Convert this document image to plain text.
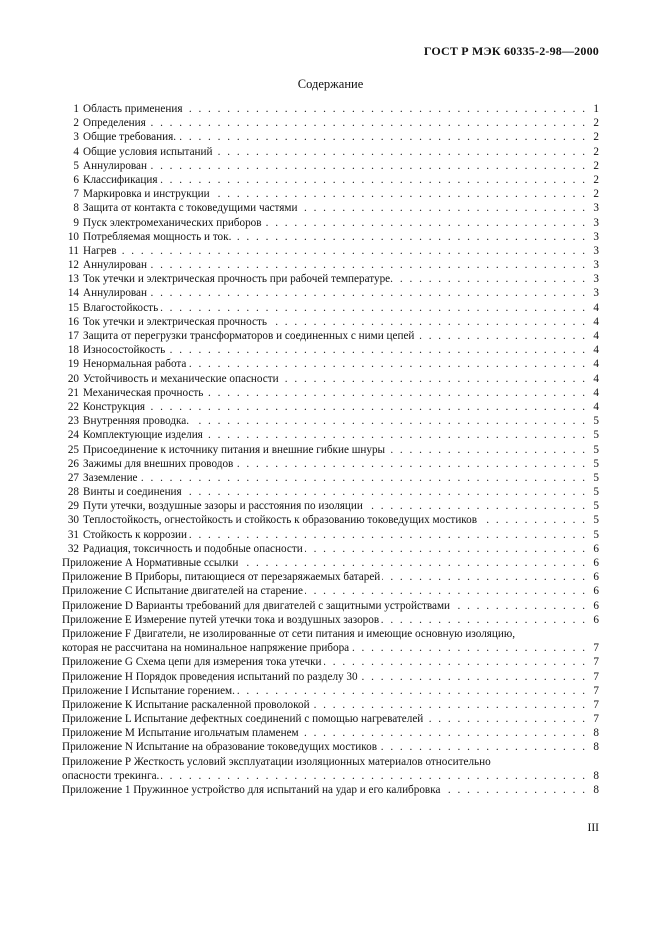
ГОСТ Р МЭК 60335-2-98—2000
Содержание
1 Область применения . . .	1
2 Определения . . .	2
3 Общие требования. . . .	2
4 Общие условия испытаний . . .	2
5 Аннулирован . . .	2
6 Классификация . . .	2
7 Маркировка и инструкции . . .	2
8 Защита от контакта с токоведущими частями . . .	3
9 Пуск электромеханических приборов . . .	3
10 Потребляемая мощность и ток. . . .	3
11 Нагрев . . .	3
12 Аннулирован . . .	3
13 Ток утечки и электрическая прочность при рабочей температуре. . . .	3
14 Аннулирован . . .	3
15 Влагостойкость . . .	4
16 Ток утечки и электрическая прочность . . .	4
17 Защита от перегрузки трансформаторов и соединенных с ними цепей . . .	4
18 Износостойкость . . .	4
19 Ненормальная работа . . .	4
20 Устойчивость и механические опасности . . .	4
21 Механическая прочность . . .	4
22 Конструкция . . .	4
23 Внутренняя проводка. . . .	5
24 Комплектующие изделия . . .	5
25 Присоединение к источнику питания и внешние гибкие шнуры . . .	5
26 Зажимы для внешних проводов . . .	5
27 Заземление . . .	5
28 Винты и соединения . . .	5
29 Пути утечки, воздушные зазоры и расстояния по изоляции . . .	5
30 Теплостойкость, огнестойкость и стойкость к образованию токоведущих мостиков . . .	5
31 Стойкость к коррозии . . .	5
32 Радиация, токсичность и подобные опасности . . .	6
Приложение А Нормативные ссылки . . .	6
Приложение В Приборы, питающиеся от перезаряжаемых батарей . . .	6
Приложение С Испытание двигателей на старение . . .	6
Приложение D Варианты требований для двигателей с защитными устройствами . . .	6
Приложение Е Измерение путей утечки тока и воздушных зазоров . . .	6
Приложение F Двигатели, не изолированные от сети питания и имеющие основную изоляцию,
которая не рассчитана на номинальное напряжение прибора . . .	7
Приложение G Схема цепи для измерения тока утечки . . .	7
Приложение Н Порядок проведения испытаний по разделу 30 . . .	7
Приложение I Испытание горением. . . .	7
Приложение К Испытание раскаленной проволокой . . .	7
Приложение L Испытание дефектных соединений с помощью нагревателей . . .	7
Приложение М Испытание игольчатым пламенем . . .	8
Приложение N Испытание на образование токоведущих мостиков . . .	8
Приложение Р Жесткость условий эксплуатации изоляционных материалов относительно
опасности трекинга. . . .	8
Приложение 1 Пружинное устройство для испытаний на удар и его калибровка . . .	8
III
